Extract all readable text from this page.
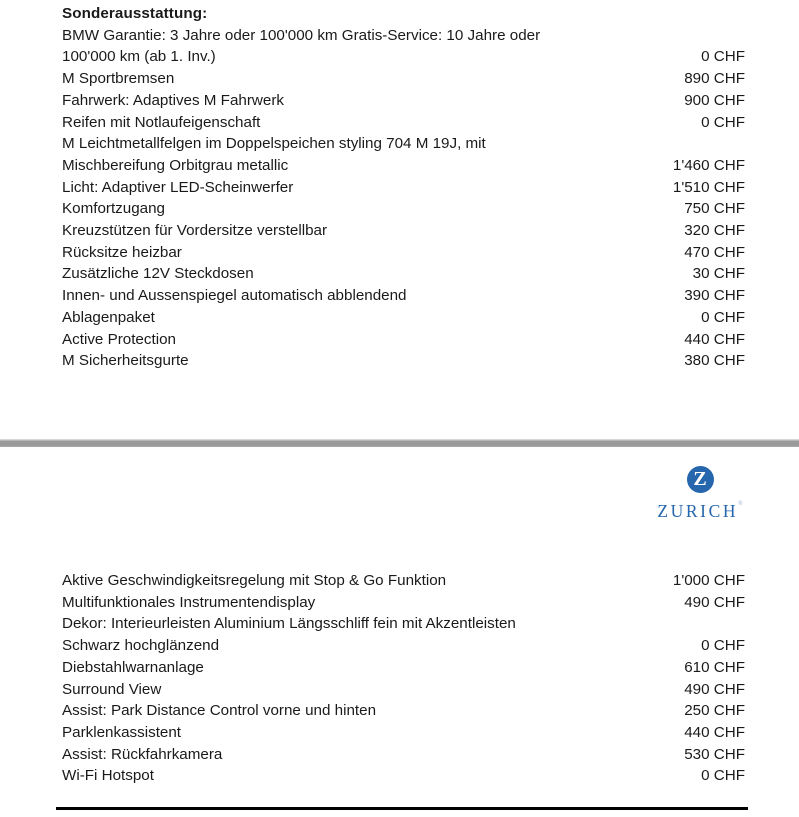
Sonderausstattung:
BMW Garantie: 3 Jahre oder 100'000 km Gratis-Service: 10 Jahre oder
100'000 km (ab 1. Inv.)	0 CHF
M Sportbremsen	890 CHF
Fahrwerk: Adaptives M Fahrwerk	900 CHF
Reifen mit Notlaufeigenschaft	0 CHF
M Leichtmetallfelgen im Doppelspeichen styling 704 M 19J, mit
Mischbereifung Orbitgrau metallic	1'460 CHF
Licht: Adaptiver LED-Scheinwerfer	1'510 CHF
Komfortzugang	750 CHF
Kreuzstützen für Vordersitze verstellbar	320 CHF
Rücksitze heizbar	470 CHF
Zusätzliche 12V Steckdosen	30 CHF
Innen- und Aussenspiegel automatisch abblendend	390 CHF
Ablagenpaket	0 CHF
Active Protection	440 CHF
M Sicherheitsgurte	380 CHF
Z
ZURICH®
Aktive Geschwindigkeitsregelung mit Stop & Go Funktion	1'000 CHF
Multifunktionales Instrumentendisplay	490 CHF
Dekor: Interieurleisten Aluminium Längsschliff fein mit Akzentleisten
Schwarz hochglänzend	0 CHF
Diebstahlwarnanlage	610 CHF
Surround View	490 CHF
Assist: Park Distance Control vorne und hinten	250 CHF
Parklenkassistent	440 CHF
Assist: Rückfahrkamera	530 CHF
Wi-Fi Hotspot	0 CHF
